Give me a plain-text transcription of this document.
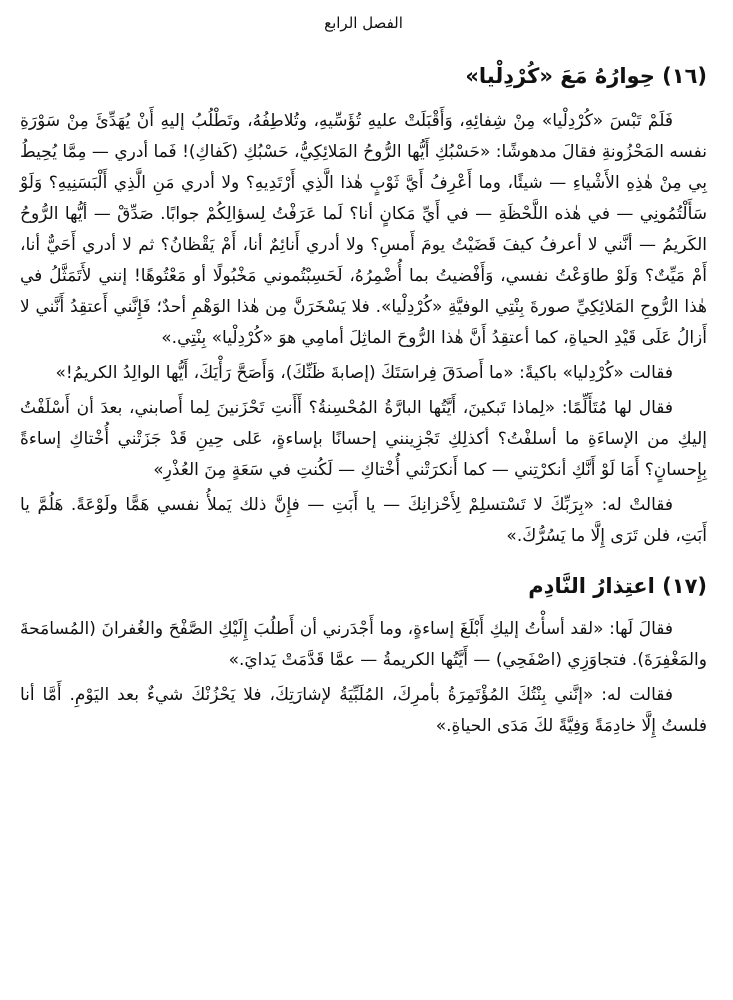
الفصل الرابع
(١٦) حِوارُهُ مَعَ «كُرْدِلْيا»

فَلَمْ تَبْسَ «كُرْدِلْيا» مِنْ شِفائِهِ، وَأَقْبَلَتْ عليهِ تُؤَسِّيهِ، وتُلاطِفُهُ، وتَطْلُبُ إليهِ أَنْ يُهَدِّئَ مِنْ سَوْرَةِ نفسه المَحْزُونةِ فقالَ مدهوشًا: «حَسْبُكِ أَيُّها الرُّوحُ المَلائِكِيُّ، حَسْبُكِ (كَفاكِ)! فَما أدري — مِمَّا يُحِيطُ بِي مِنْ هٰذِهِ الأَشْياءِ — شيئًا، وما أَعْرِفُ أَيَّ ثَوْبٍ هٰذا الَّذِي أَرْتَدِيهِ؟ ولا أدري مَنِ الَّذِي أَلْبَسَنِيهِ؟ وَلَوْ سَأَلْتُمُونِي — في هٰذه اللَّحْظَةِ — في أَيِّ مَكانٍ أنا؟ لَما عَرَفْتُ لِسؤالِكُمْ جوابًا. صَدِّقْ — أيُّها الرُّوحُ الكَريمُ — أنَّني لا أعرفُ كيفَ قَضَيْتُ يومَ أَمسِ؟ ولا أدري أَنائِمٌ أنا، أَمْ يَقْظانُ؟ ثم لا أدري أَحَيٌّ أنا، أَمْ مَيِّتٌ؟ وَلَوْ طاوَعْتُ نفسي، وَأَفْضيتُ بما أُضْمِرُهُ، لَحَسِبْتُموني مَخْبُولًا أو مَعْتُوهًا! إنني لأَتَمَثَّلُ في هٰذا الرُّوحِ المَلائِكِيِّ صورةَ بِنْتِي الوفيَّةِ «كُرْدِلْيا». فلا يَسْخَرَنَّ مِن هٰذا الوَهْمِ أحدٌ؛ فَإِنَّني أَعتقِدُ أَنَّني لا أَزالُ عَلَى قَيْدِ الحياةِ، كما أعتقِدُ أَنَّ هٰذا الرُّوحَ الماثِلَ أمامِي هوَ «كُرْدِلْيا» بِنْتِي.»

فقالت «كُرْدِليا» باكيةً: «ما أَصدَقَ فِراسَتَكَ (إصابةَ ظَنِّكَ)، وَأَصَحَّ رَأْيَكَ، أَيُّها الوالِدُ الكريمُ!»

فقال لها مُتَأَلِّمًا: «لِماذا تَبكينَ، أَيَّتُها البارَّةُ المُحْسِنةُ؟ أَأَنتِ تَحْزَنينَ لِما أَصابني، بعدَ أن أَسْلَفْتُ إليكِ من الإساءَةِ ما أسلفْتُ؟ أكذلِكِ تَجْزِينني إحسانًا بإساءةٍ، عَلى حِينِ قَدْ جَزَتْني أُخْتاكِ إساءةً بِإِحسانٍ؟ أَمَا لَوْ أَنَّكِ أنكرْتِني — كما أَنكرَتْني أُخْتاكِ — لَكُنتِ في سَعَةٍ مِنَ العُذْرِ»

فقالتْ له: «بِرَبِّكَ لا تَسْتسلِمْ لِأَحْزانِكَ — يا أَبَتِ — فإِنَّ ذلك يَملأُ نفسي هَمًّا ولَوْعَةً. هَلُمَّ يا أَبَتِ، فلن تَرَى إِلَّا ما يَسُرُّكَ.»

(١٧) اعتِذارُ النَّادِم

فقالَ لَها: «لقد أسأْتُ إليكِ أَبْلَغَ إساءةٍ، وما أَجْدَرني أن أَطلُبَ إِلَيْكِ الصَّفْحَ والغُفرانَ (المُسامَحةَ والمَغْفِرَةَ). فتجاوَزِي (اصْفَحِي) — أَيَّتُها الكريمةُ — عمَّا قَدَّمَتْ يَدايَ.»

فقالت له: «إنَّني بِنْتُكَ المُؤْتَمِرَةُ بأمرِكَ، المُلَبِّيَةُ لإشارَتِكَ، فلا يَحْزُنْكَ شيءٌ بعد اليَوْمِ. أَمَّا أنا فلستُ إِلَّا خادِمَةً وَفِيَّةً لكَ مَدَى الحياةِ.»
